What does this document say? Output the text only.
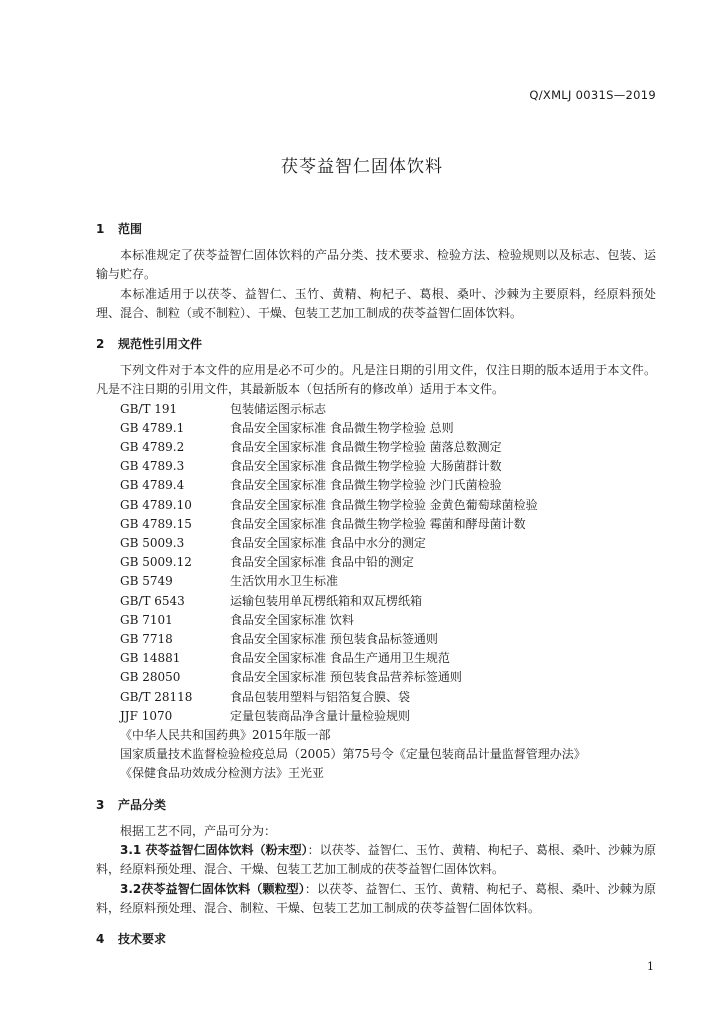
Q/XMLJ 0031S—2019
茯苓益智仁固体饮料
1 范围

本标准规定了茯苓益智仁固体饮料的产品分类、技术要求、检验方法、检验规则以及标志、包装、运输与贮存。

本标准适用于以茯苓、益智仁、玉竹、黄精、枸杞子、葛根、桑叶、沙棘为主要原料，经原料预处理、混合、制粒（或不制粒）、干燥、包装工艺加工制成的茯苓益智仁固体饮料。

2 规范性引用文件

下列文件对于本文件的应用是必不可少的。凡是注日期的引用文件，仅注日期的版本适用于本文件。凡是不注日期的引用文件，其最新版本（包括所有的修改单）适用于本文件。

GB/T 191	包装储运图示标志
GB 4789.1	食品安全国家标准 食品微生物学检验 总则
GB 4789.2	食品安全国家标准 食品微生物学检验 菌落总数测定
GB 4789.3	食品安全国家标准 食品微生物学检验 大肠菌群计数
GB 4789.4	食品安全国家标准 食品微生物学检验 沙门氏菌检验
GB 4789.10	食品安全国家标准 食品微生物学检验 金黄色葡萄球菌检验
GB 4789.15	食品安全国家标准 食品微生物学检验 霉菌和酵母菌计数
GB 5009.3	食品安全国家标准 食品中水分的测定
GB 5009.12	食品安全国家标准 食品中铅的测定
GB 5749	生活饮用水卫生标准
GB/T 6543	运输包装用单瓦楞纸箱和双瓦楞纸箱
GB 7101	食品安全国家标准 饮料
GB 7718	食品安全国家标准 预包装食品标签通则
GB 14881	食品安全国家标准 食品生产通用卫生规范
GB 28050	食品安全国家标准 预包装食品营养标签通则
GB/T 28118	食品包装用塑料与铝箔复合膜、袋
JJF 1070	定量包装商品净含量计量检验规则
《中华人民共和国药典》2015年版一部
国家质量技术监督检验检疫总局（2005）第75号令《定量包装商品计量监督管理办法》
《保健食品功效成分检测方法》王光亚
3 产品分类

根据工艺不同，产品可分为：

3.1 茯苓益智仁固体饮料（粉末型）：以茯苓、益智仁、玉竹、黄精、枸杞子、葛根、桑叶、沙棘为原料，经原料预处理、混合、干燥、包装工艺加工制成的茯苓益智仁固体饮料。

3.2茯苓益智仁固体饮料（颗粒型）：以茯苓、益智仁、玉竹、黄精、枸杞子、葛根、桑叶、沙棘为原料，经原料预处理、混合、制粒、干燥、包装工艺加工制成的茯苓益智仁固体饮料。

4 技术要求
1
